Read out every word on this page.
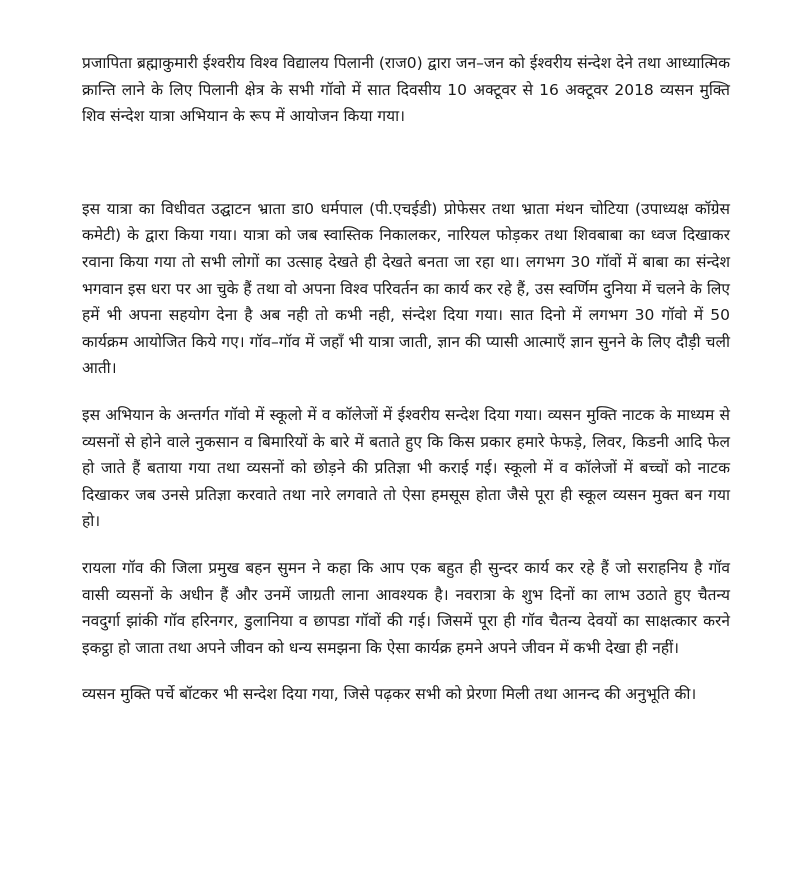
प्रजापिता ब्रह्माकुमारी ईश्वरीय विश्व विद्यालय पिलानी (राज0) द्वारा जन–जन को ईश्वरीय संन्देश देने तथा आध्यात्मिक क्रान्ति लाने के लिए पिलानी क्षेत्र के सभी गॉवो में सात दिवसीय 10 अक्टूवर से 16 अक्टूवर 2018 व्यसन मुक्ति शिव संन्देश यात्रा अभियान के रूप में आयोजन किया गया।

इस यात्रा का विधीवत उद्घाटन भ्राता डा0 धर्मपाल (पी.एचईडी) प्रोफेसर तथा भ्राता मंथन चोटिया (उपाध्यक्ष कॉग्रेस कमेटी) के द्वारा किया गया। यात्रा को जब स्वास्तिक निकालकर, नारियल फोड़कर तथा शिवबाबा का ध्वज दिखाकर रवाना किया गया तो सभी लोगों का उत्साह देखते ही देखते बनता जा रहा था। लगभग 30 गॉवों में बाबा का संन्देश भगवान इस धरा पर आ चुके हैं तथा वो अपना विश्व परिवर्तन का कार्य कर रहे हैं, उस स्वर्णिम दुनिया में चलने के लिए हमें भी अपना सहयोग देना है अब नही तो कभी नही, संन्देश दिया गया। सात दिनो में लगभग 30 गॉवो में 50 कार्यक्रम आयोजित किये गए। गॉव–गॉव में जहॉं भी यात्रा जाती, ज्ञान की प्यासी आत्माऍं ज्ञान सुनने के लिए दौड़ी चली आती।

इस अभियान के अन्तर्गत गॉवो में स्कूलो में व कॉलेजों में ईश्वरीय सन्देश दिया गया। व्यसन मुक्ति नाटक के माध्यम से व्यसनों से होने वाले नुकसान व बिमारियों के बारे में बताते हुए कि किस प्रकार हमारे फेफड़े, लिवर, किडनी आदि फेल हो जाते हैं बताया गया तथा व्यसनों को छोड़ने की प्रतिज्ञा भी कराई गई। स्कूलो में व कॉलेजों में बच्चों को नाटक दिखाकर जब उनसे प्रतिज्ञा करवाते तथा नारे लगवाते तो ऐसा हमसूस होता जैसे पूरा ही स्कूल व्यसन मुक्त बन गया हो।

रायला गॉव की जिला प्रमुख बहन सुमन ने कहा कि आप एक बहुत ही सुन्दर कार्य कर रहे हैं जो सराहनिय है गॉव वासी व्यसनों के अधीन हैं और उनमें जाग्रती लाना आवश्यक है। नवरात्रा के शुभ दिनों का लाभ उठाते हुए चैतन्य नवदुर्गा झांकी गॉव हरिनगर, डुलानिया व छापडा गॉवों की गई। जिसमें पूरा ही गॉव चैतन्य देवयों का साक्षत्कार करने इकट्ठा हो जाता तथा अपने जीवन को धन्य समझना कि ऐसा कार्यक्र हमने अपने जीवन में कभी देखा ही नहीं।

व्यसन मुक्ति पर्चे बॉटकर भी सन्देश दिया गया, जिसे पढ़कर सभी को प्रेरणा मिली तथा आनन्द की अनुभूति की।
